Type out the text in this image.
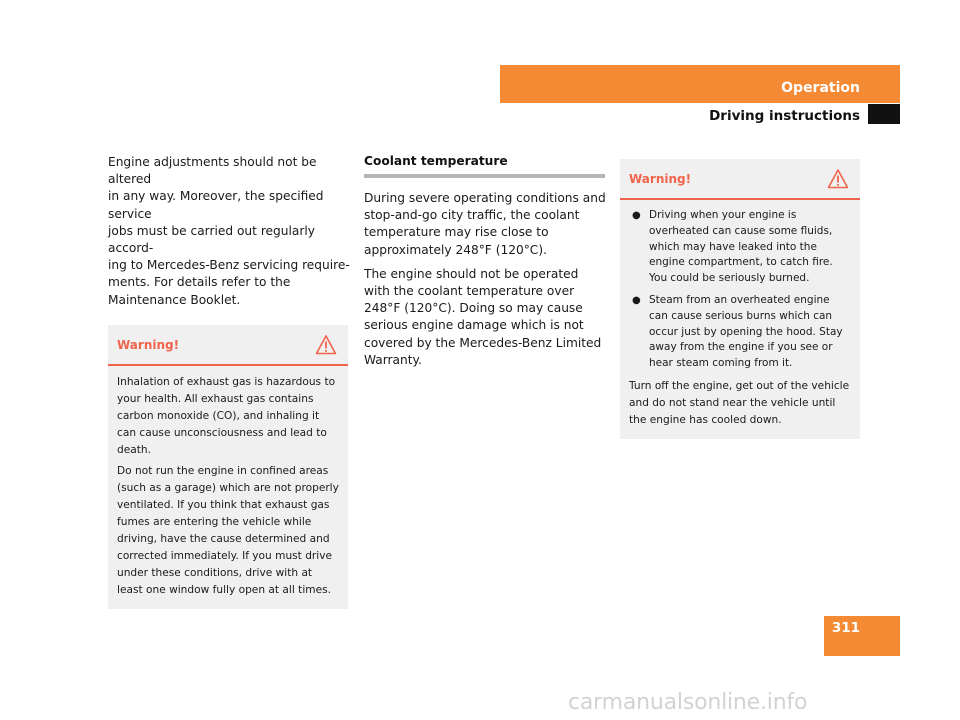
Operation
Driving instructions
Engine adjustments should not be altered
in any way. Moreover, the specified service
jobs must be carried out regularly accord-
ing to Mercedes-Benz servicing require-
ments. For details refer to the
Maintenance Booklet.
Warning!

Inhalation of exhaust gas is hazardous to your health. All exhaust gas contains carbon monoxide (CO), and inhaling it can cause unconsciousness and lead to death.

Do not run the engine in confined areas (such as a garage) which are not properly ventilated. If you think that exhaust gas fumes are entering the vehicle while driving, have the cause determined and corrected immediately. If you must drive under these conditions, drive with at least one window fully open at all times.

Coolant temperature

During severe operating conditions and stop-and-go city traffic, the coolant temperature may rise close to approximately 248°F (120°C).

The engine should not be operated with the coolant temperature over 248°F (120°C). Doing so may cause serious engine damage which is not covered by the Mercedes-Benz Limited Warranty.

Warning!
● Driving when your engine is overheated can cause some fluids, which may have leaked into the engine compartment, to catch fire. You could be seriously burned.
● Steam from an overheated engine can cause serious burns which can occur just by opening the hood. Stay away from the engine if you see or hear steam coming from it.

Turn off the engine, get out of the vehicle and do not stand near the vehicle until the engine has cooled down.

311
carmanualsonline.info
